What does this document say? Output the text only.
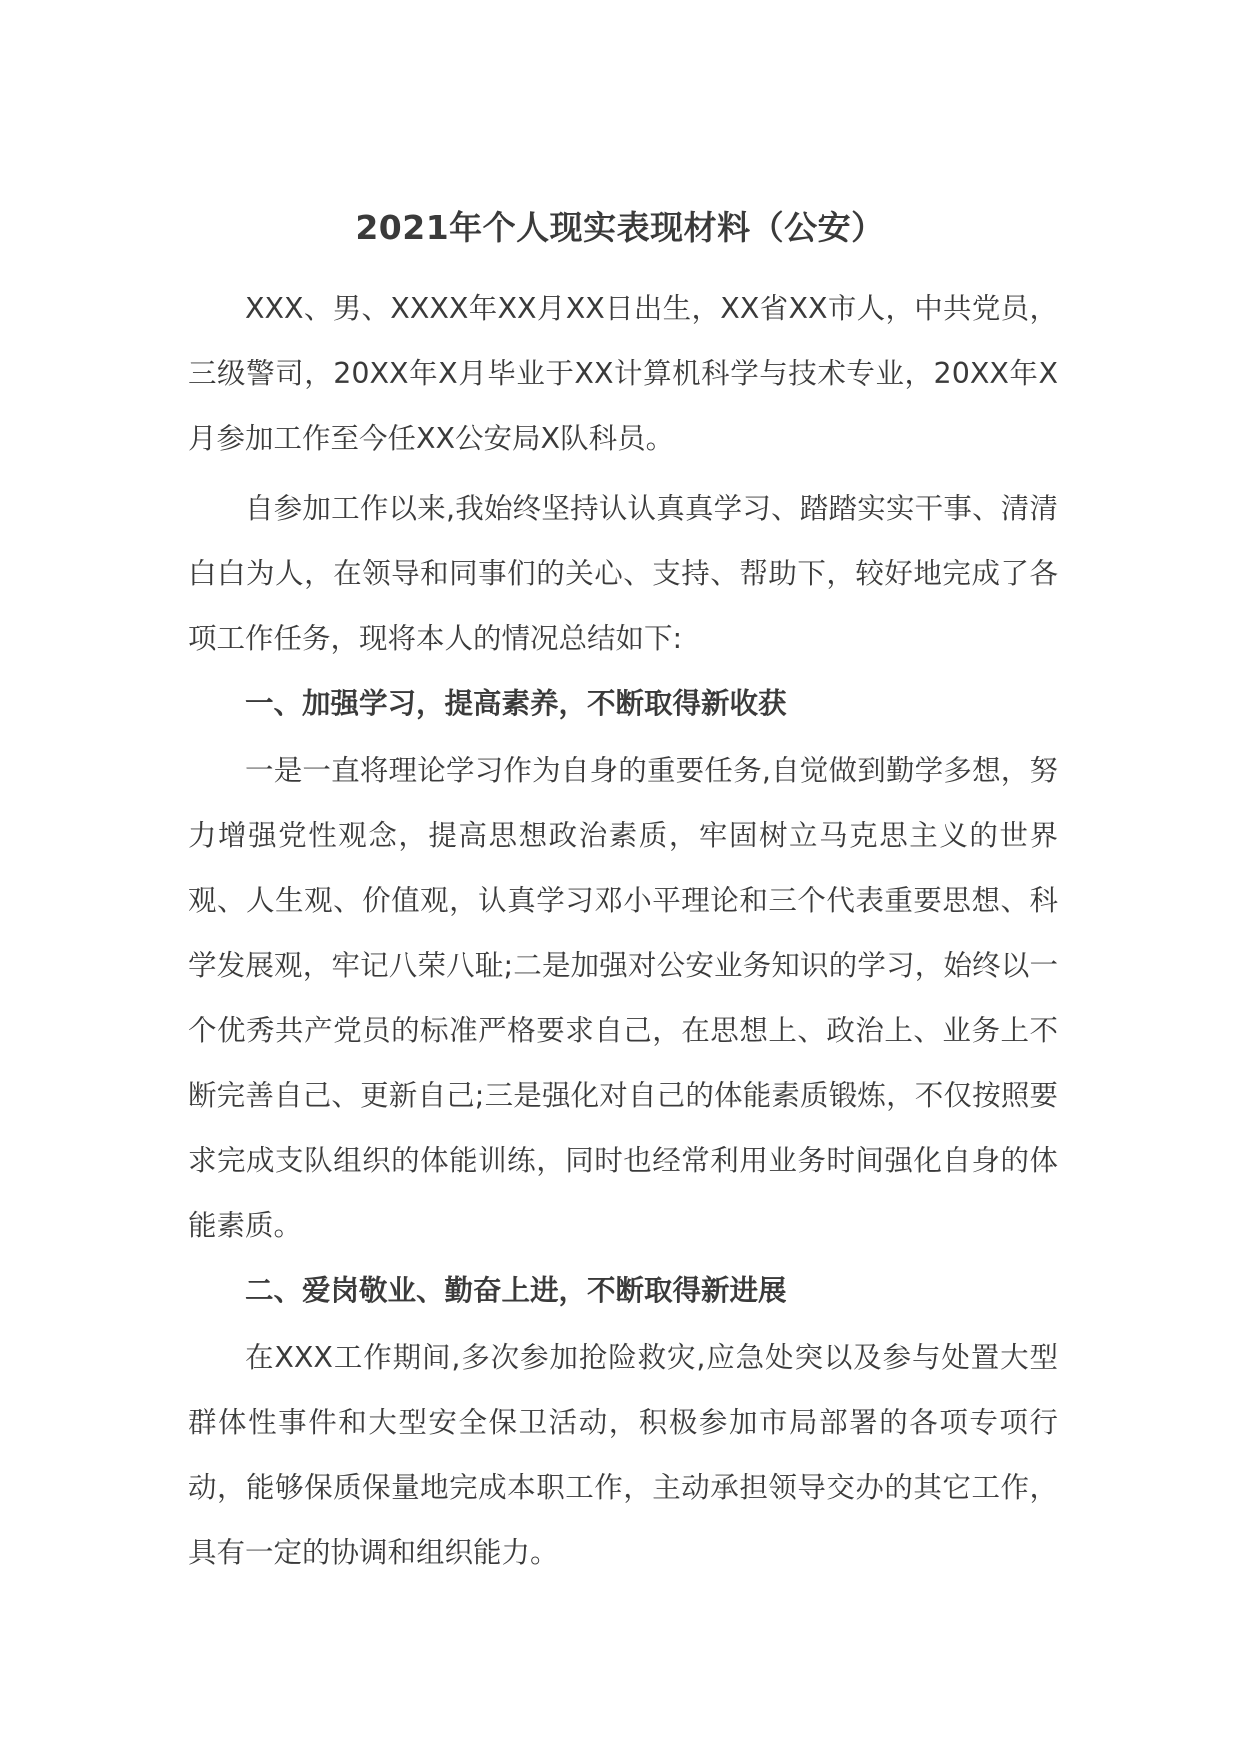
2021年个人现实表现材料（公安）

XXX、男、XXXX年XX月XX日出生，XX省XX市人，中共党员，三级警司，20XX年X月毕业于XX计算机科学与技术专业，20XX年X月参加工作至今任XX公安局X队科员。

自参加工作以来,我始终坚持认认真真学习、踏踏实实干事、清清白白为人，在领导和同事们的关心、支持、帮助下，较好地完成了各项工作任务，现将本人的情况总结如下:

一、加强学习，提高素养，不断取得新收获

一是一直将理论学习作为自身的重要任务,自觉做到勤学多想，努力增强党性观念，提高思想政治素质，牢固树立马克思主义的世界观、人生观、价值观，认真学习邓小平理论和三个代表重要思想、科学发展观，牢记八荣八耻;二是加强对公安业务知识的学习，始终以一个优秀共产党员的标准严格要求自己，在思想上、政治上、业务上不断完善自己、更新自己;三是强化对自己的体能素质锻炼，不仅按照要求完成支队组织的体能训练，同时也经常利用业务时间强化自身的体能素质。

二、爱岗敬业、勤奋上进，不断取得新进展

在XXX工作期间,多次参加抢险救灾,应急处突以及参与处置大型群体性事件和大型安全保卫活动，积极参加市局部署的各项专项行动，能够保质保量地完成本职工作，主动承担领导交办的其它工作，具有一定的协调和组织能力。
